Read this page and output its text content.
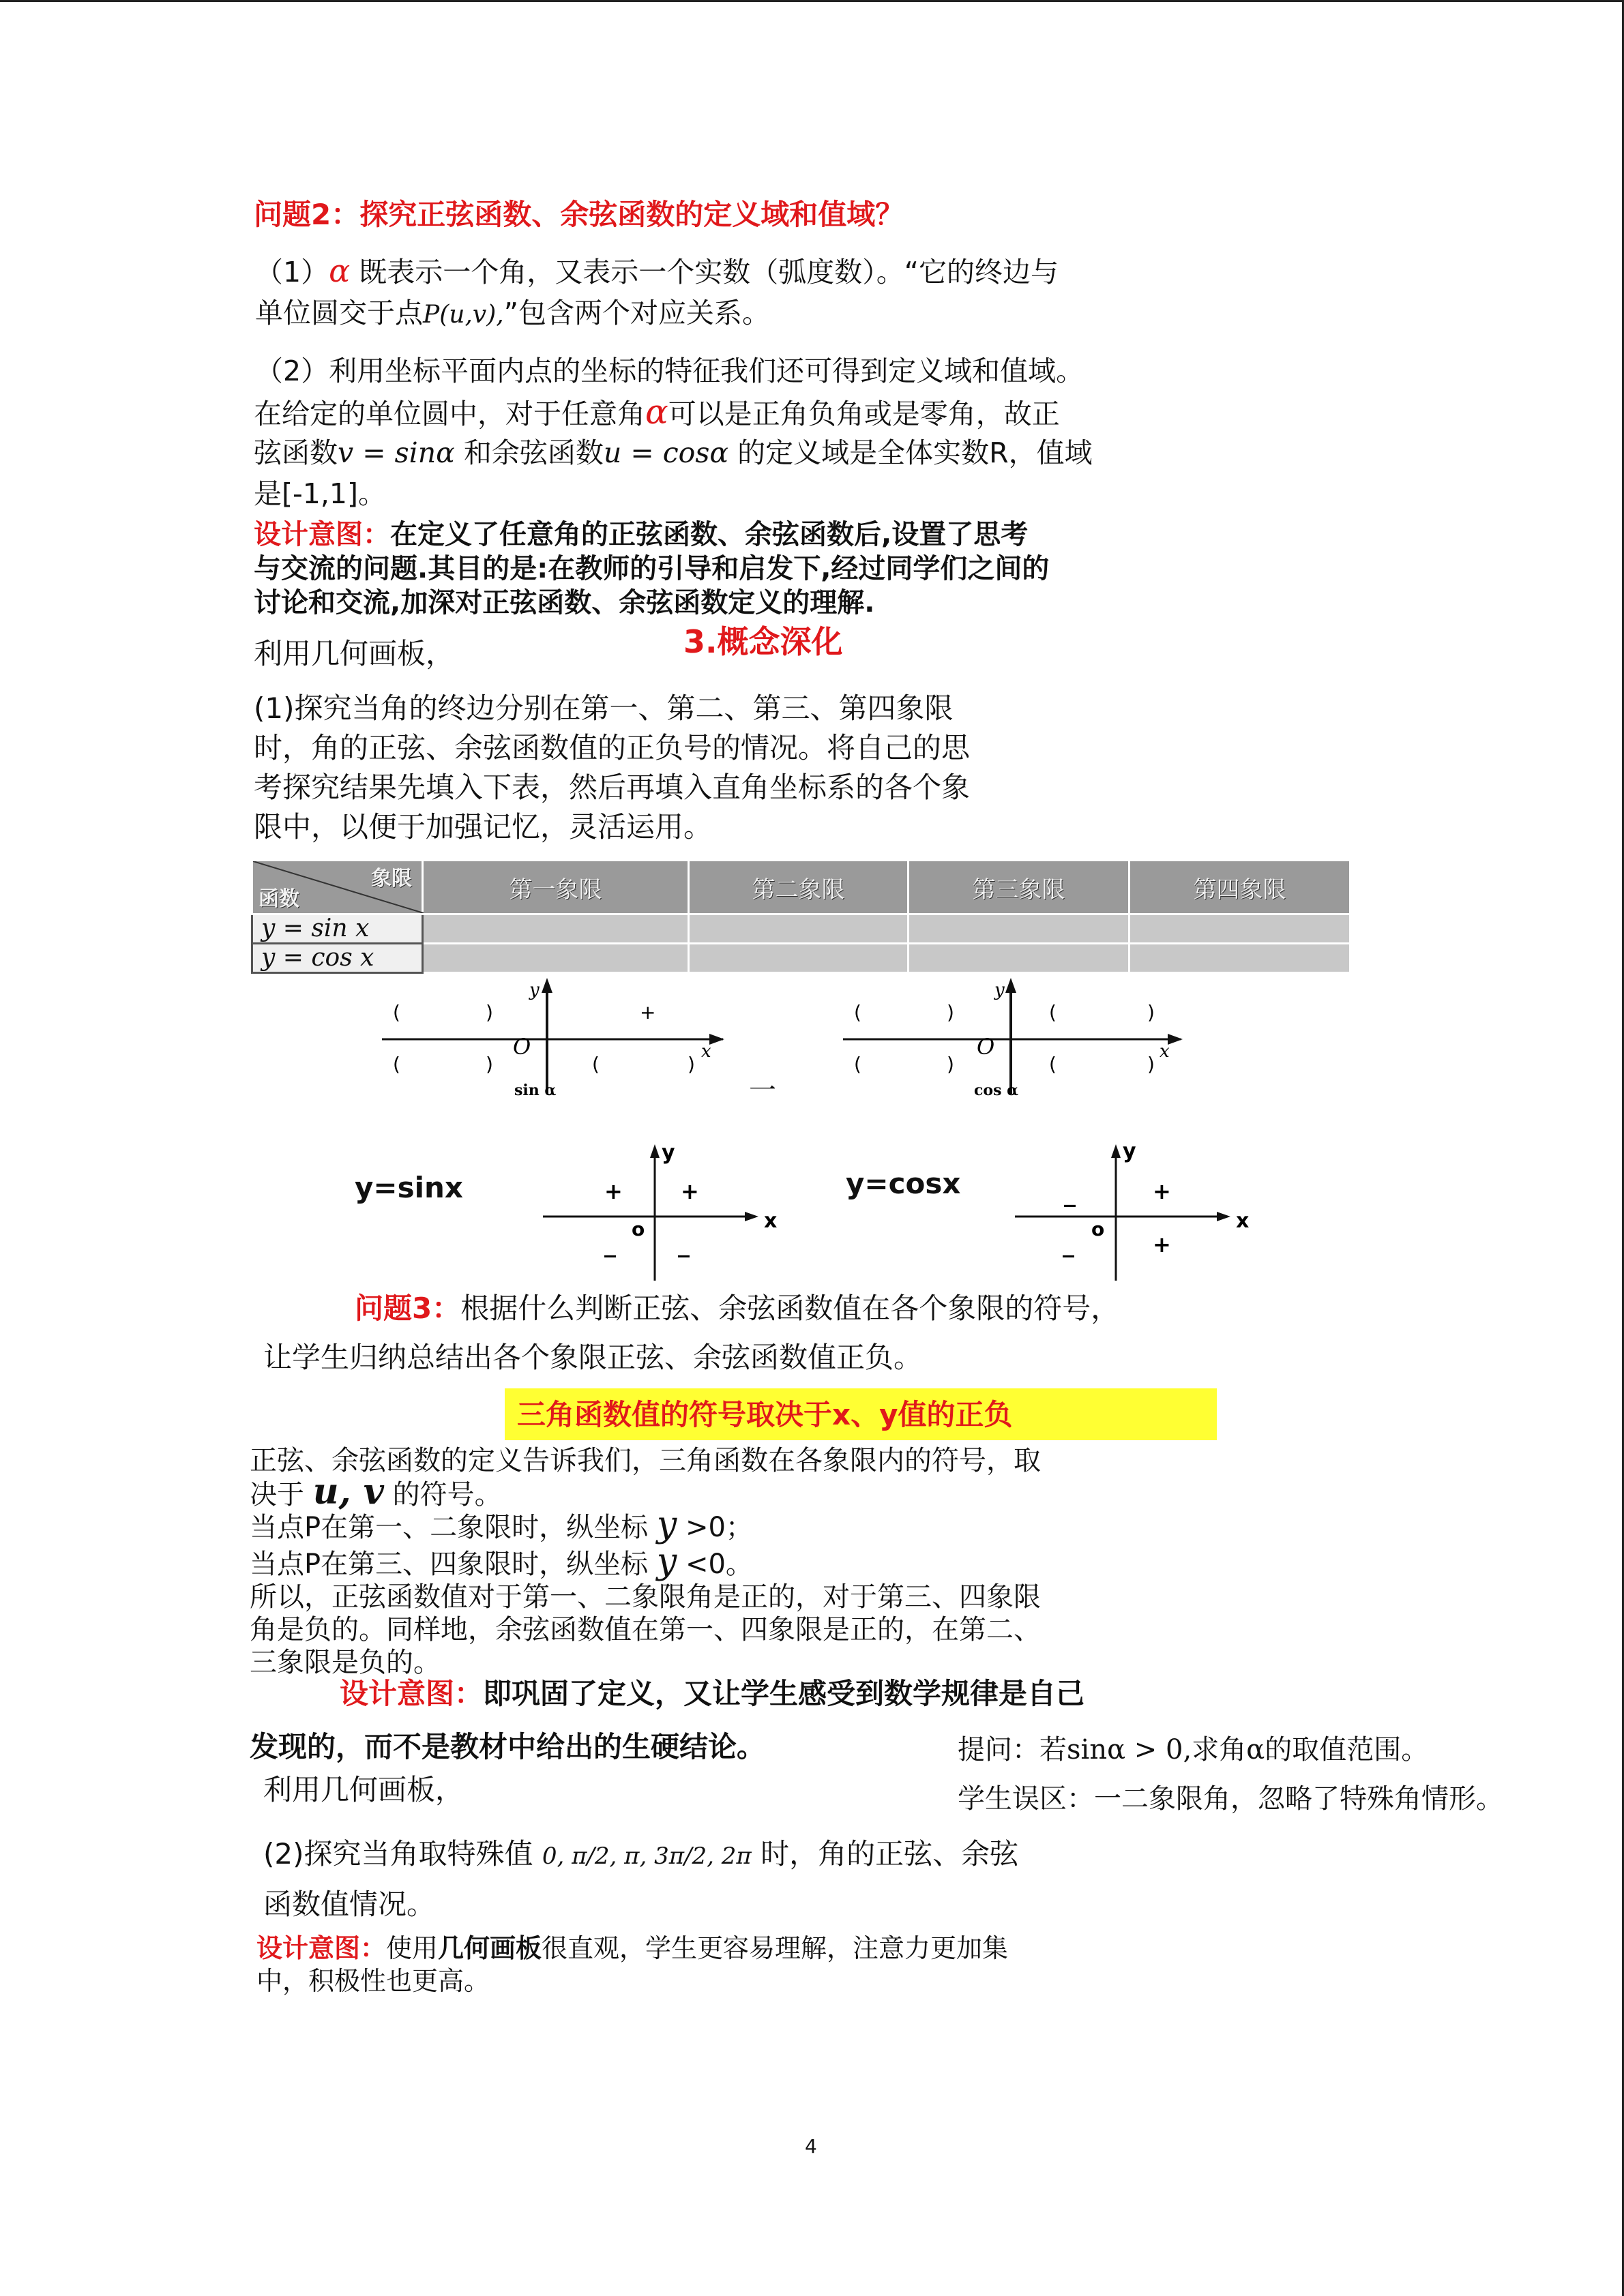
问题2：探究正弦函数、余弦函数的定义域和值域？
（1）α 既表示一个角，又表示一个实数（弧度数）。“它的终边与
单位圆交于点P(u,v),”包含两个对应关系。
（2）利用坐标平面内点的坐标的特征我们还可得到定义域和值域。
在给定的单位圆中，对于任意角α可以是正角负角或是零角，故正
弦函数v = sinα 和余弦函数u = cosα 的定义域是全体实数R，值域
是[-1,1]。
设计意图：在定义了任意角的正弦函数、余弦函数后,设置了思考
与交流的问题.其目的是:在教师的引导和启发下,经过同学们之间的
讨论和交流,加深对正弦函数、余弦函数定义的理解.
利用几何画板，	3.概念深化
(1)探究当角的终边分别在第一、第二、第三、第四象限
时，角的正弦、余弦函数值的正负号的情况。将自己的思
考探究结果先填入下表，然后再填入直角坐标系的各个象
限中，以便于加强记忆，灵活运用。
象限
函数	第一象限	第二象限	第三象限	第四象限
y = sin x				
y = cos x				
y
x
O
(	)	+
(	)	(	)
sin α
y
x
O
(	)	(	)
(	)	(	)
cos α
一
y=sinx
y
x
+	+
o
_	_
y=cosx
y
x
_	+
o
_	+
问题3：根据什么判断正弦、余弦函数值在各个象限的符号，
让学生归纳总结出各个象限正弦、余弦函数值正负。
三角函数值的符号取决于x、y值的正负
正弦、余弦函数的定义告诉我们，三角函数在各象限内的符号，取
决于 u, v 的符号。
当点P在第一、二象限时，纵坐标 y >0；
当点P在第三、四象限时，纵坐标 y <0。
所以，正弦函数值对于第一、二象限角是正的，对于第三、四象限
角是负的。同样地，余弦函数值在第一、四象限是正的，在第二、
三象限是负的。
设计意图：即巩固了定义，又让学生感受到数学规律是自己
发现的，而不是教材中给出的生硬结论。	提问：若sinα > 0,求角α的取值范围。
学生误区：一二象限角，忽略了特殊角情形。
利用几何画板，
(2)探究当角取特殊值 0, π/2, π, 3π/2, 2π 时，角的正弦、余弦
函数值情况。
设计意图：使用几何画板很直观，学生更容易理解，注意力更加集
中，积极性也更高。
4
